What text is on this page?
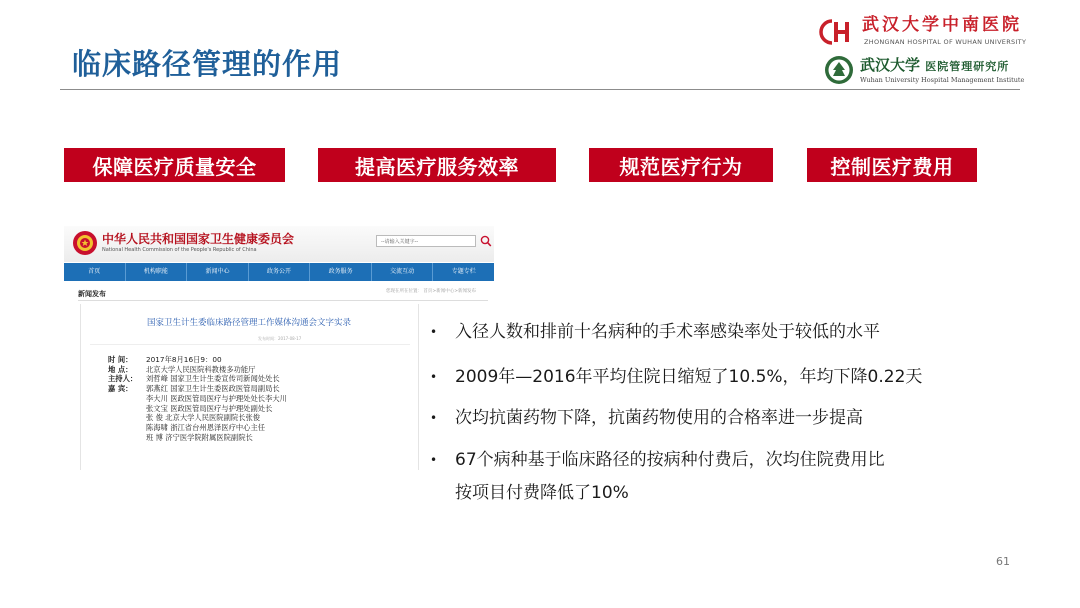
临床路径管理的作用
武汉大学中南医院
ZHONGNAN HOSPITAL OF WUHAN UNIVERSITY
武汉大学 医院管理研究所
Wuhan University Hospital Management Institute
保障医疗质量安全	提高医疗服务效率	规范医疗行为	控制医疗费用
中华人民共和国国家卫生健康委员会
National Health Commission of the People's Republic of China
--请输入关键字--
首页	机构职能	新闻中心	政务公开	政务服务	交流互动	专题专栏
新闻发布	您现在所在位置： 首页>新闻中心>新闻发布
国家卫生计生委临床路径管理工作媒体沟通会文字实录
发布时间：2017-08-17
时 间：	2017年8月16日9：00
地 点：	北京大学人民医院科教楼多功能厅
主持人：	刘哲峰 国家卫生计生委宣传司新闻处处长
嘉 宾：	郭燕红 国家卫生计生委医政医管局副局长
李大川 医政医管局医疗与护理处处长李大川
张文宝 医政医管局医疗与护理处副处长
张 俊 北京大学人民医院副院长张俊
陈海啸 浙江省台州恩泽医疗中心主任
班 博 济宁医学院附属医院副院长
•	入径人数和排前十名病种的手术率感染率处于较低的水平
•	2009年—2016年平均住院日缩短了10.5%，年均下降0.22天
•	次均抗菌药物下降，抗菌药物使用的合格率进一步提高
•	67个病种基于临床路径的按病种付费后，次均住院费用比
按项目付费降低了10%
61
